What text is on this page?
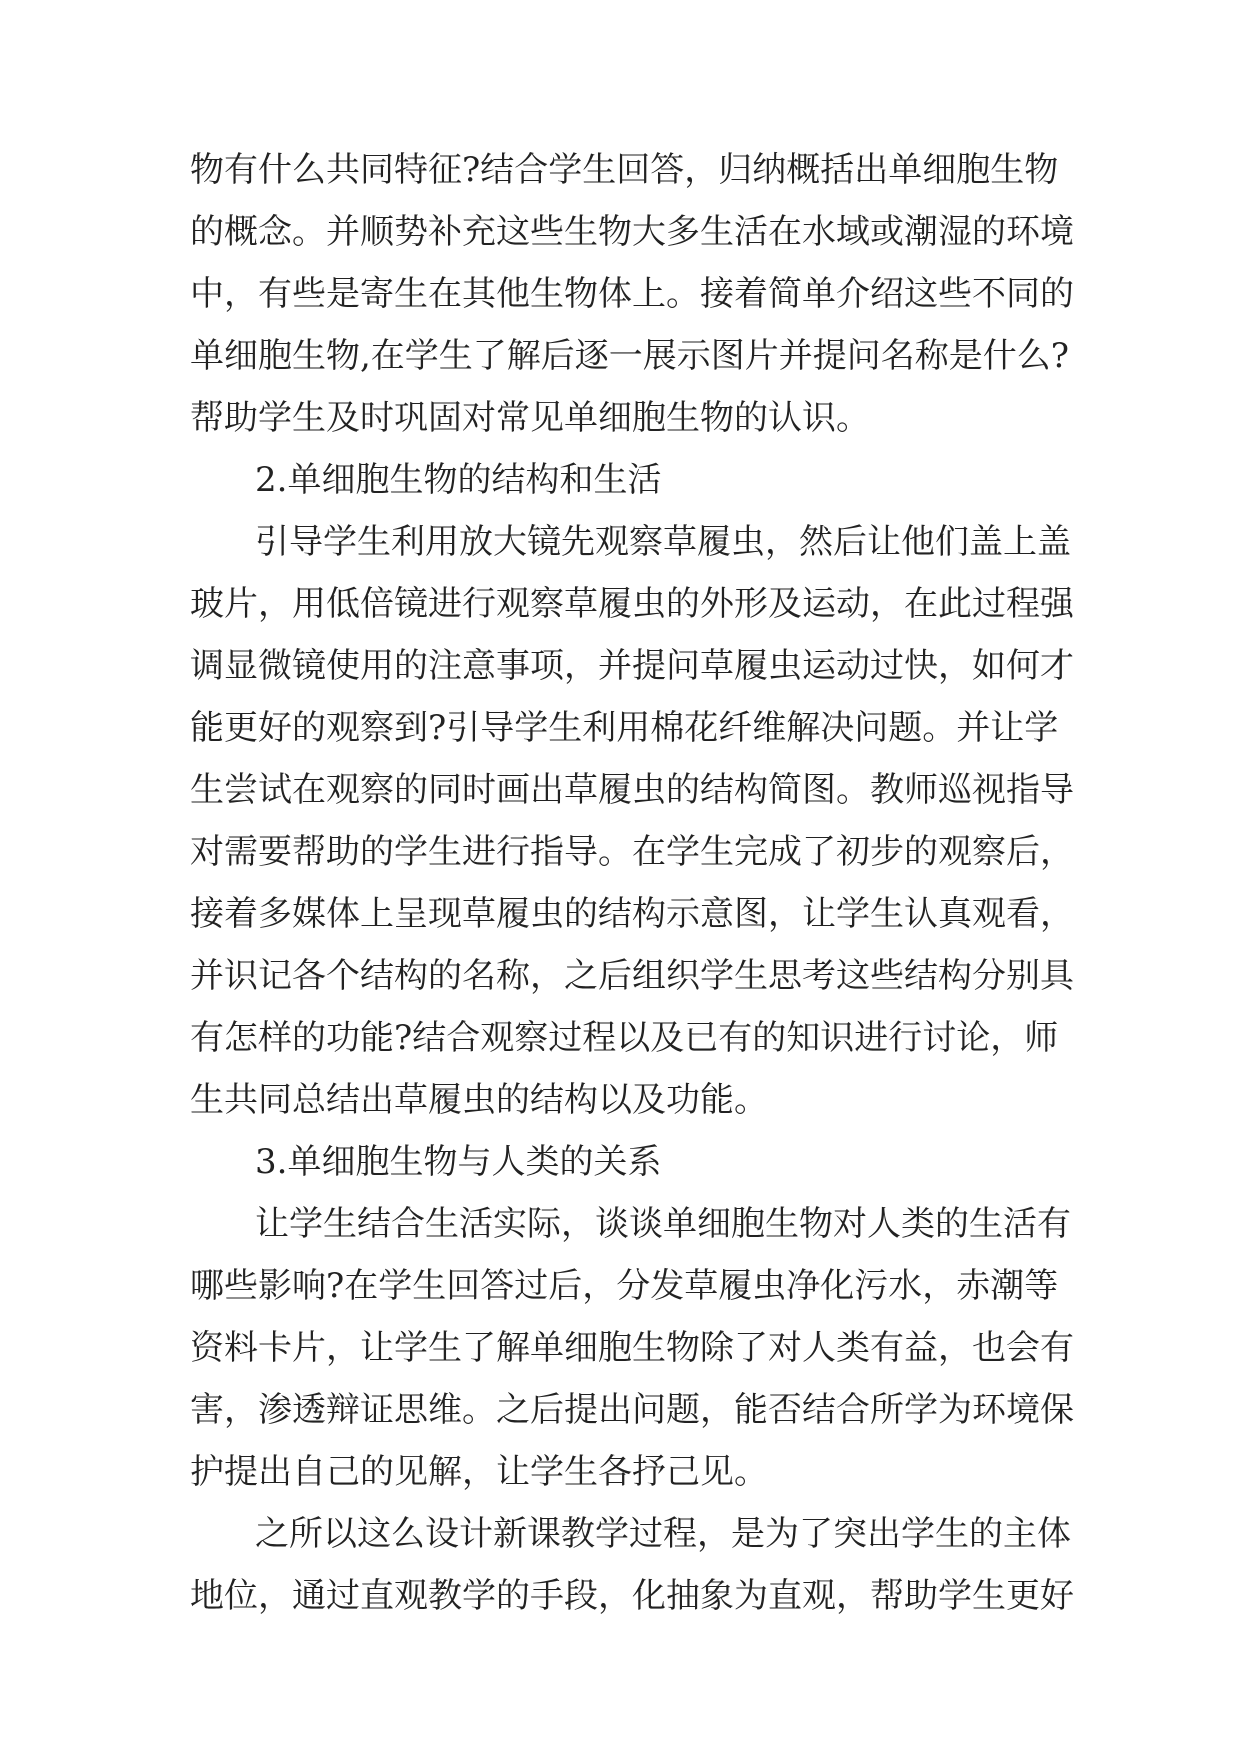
物有什么共同特征?结合学生回答，归纳概括出单细胞生物
的概念。并顺势补充这些生物大多生活在水域或潮湿的环境
中，有些是寄生在其他生物体上。接着简单介绍这些不同的
单细胞生物,在学生了解后逐一展示图片并提问名称是什么?
帮助学生及时巩固对常见单细胞生物的认识。
2.单细胞生物的结构和生活
引导学生利用放大镜先观察草履虫，然后让他们盖上盖
玻片，用低倍镜进行观察草履虫的外形及运动，在此过程强
调显微镜使用的注意事项，并提问草履虫运动过快，如何才
能更好的观察到?引导学生利用棉花纤维解决问题。并让学
生尝试在观察的同时画出草履虫的结构简图。教师巡视指导
对需要帮助的学生进行指导。在学生完成了初步的观察后，
接着多媒体上呈现草履虫的结构示意图，让学生认真观看，
并识记各个结构的名称，之后组织学生思考这些结构分别具
有怎样的功能?结合观察过程以及已有的知识进行讨论，师
生共同总结出草履虫的结构以及功能。
3.单细胞生物与人类的关系
让学生结合生活实际，谈谈单细胞生物对人类的生活有
哪些影响?在学生回答过后，分发草履虫净化污水，赤潮等
资料卡片，让学生了解单细胞生物除了对人类有益，也会有
害，渗透辩证思维。之后提出问题，能否结合所学为环境保
护提出自己的见解，让学生各抒己见。
之所以这么设计新课教学过程，是为了突出学生的主体
地位，通过直观教学的手段，化抽象为直观，帮助学生更好
